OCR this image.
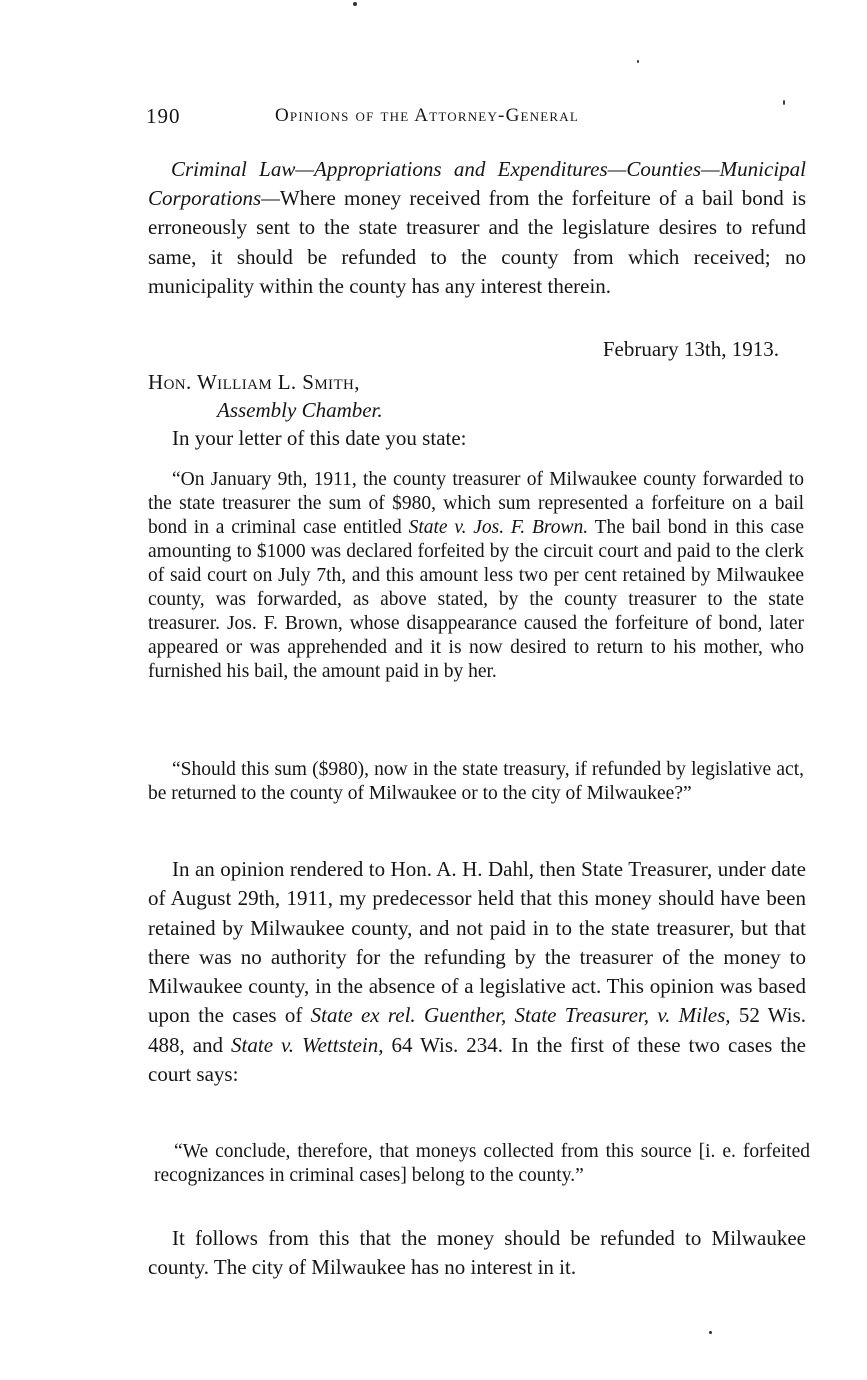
190	Opinions of the Attorney-General
Criminal Law—Appropriations and Expenditures—Counties—Municipal Corporations—Where money received from the forfeiture of a bail bond is erroneously sent to the state treasurer and the legislature desires to refund same, it should be refunded to the county from which received; no municipality within the county has any interest therein.
February 13th, 1913.
Hon. William L. Smith,
Assembly Chamber.
In your letter of this date you state:
“On January 9th, 1911, the county treasurer of Milwaukee county forwarded to the state treasurer the sum of $980, which sum represented a forfeiture on a bail bond in a criminal case entitled State v. Jos. F. Brown. The bail bond in this case amounting to $1000 was declared forfeited by the circuit court and paid to the clerk of said court on July 7th, and this amount less two per cent retained by Milwaukee county, was forwarded, as above stated, by the county treasurer to the state treasurer. Jos. F. Brown, whose disappearance caused the forfeiture of bond, later appeared or was apprehended and it is now desired to return to his mother, who furnished his bail, the amount paid in by her.
“Should this sum ($980), now in the state treasury, if refunded by legislative act, be returned to the county of Milwaukee or to the city of Milwaukee?”
In an opinion rendered to Hon. A. H. Dahl, then State Treasurer, under date of August 29th, 1911, my predecessor held that this money should have been retained by Milwaukee county, and not paid in to the state treasurer, but that there was no authority for the refunding by the treasurer of the money to Milwaukee county, in the absence of a legislative act. This opinion was based upon the cases of State ex rel. Guenther, State Treasurer, v. Miles, 52 Wis. 488, and State v. Wettstein, 64 Wis. 234. In the first of these two cases the court says:
“We conclude, therefore, that moneys collected from this source [i. e. forfeited recognizances in criminal cases] belong to the county.”
It follows from this that the money should be refunded to Milwaukee county. The city of Milwaukee has no interest in it.
